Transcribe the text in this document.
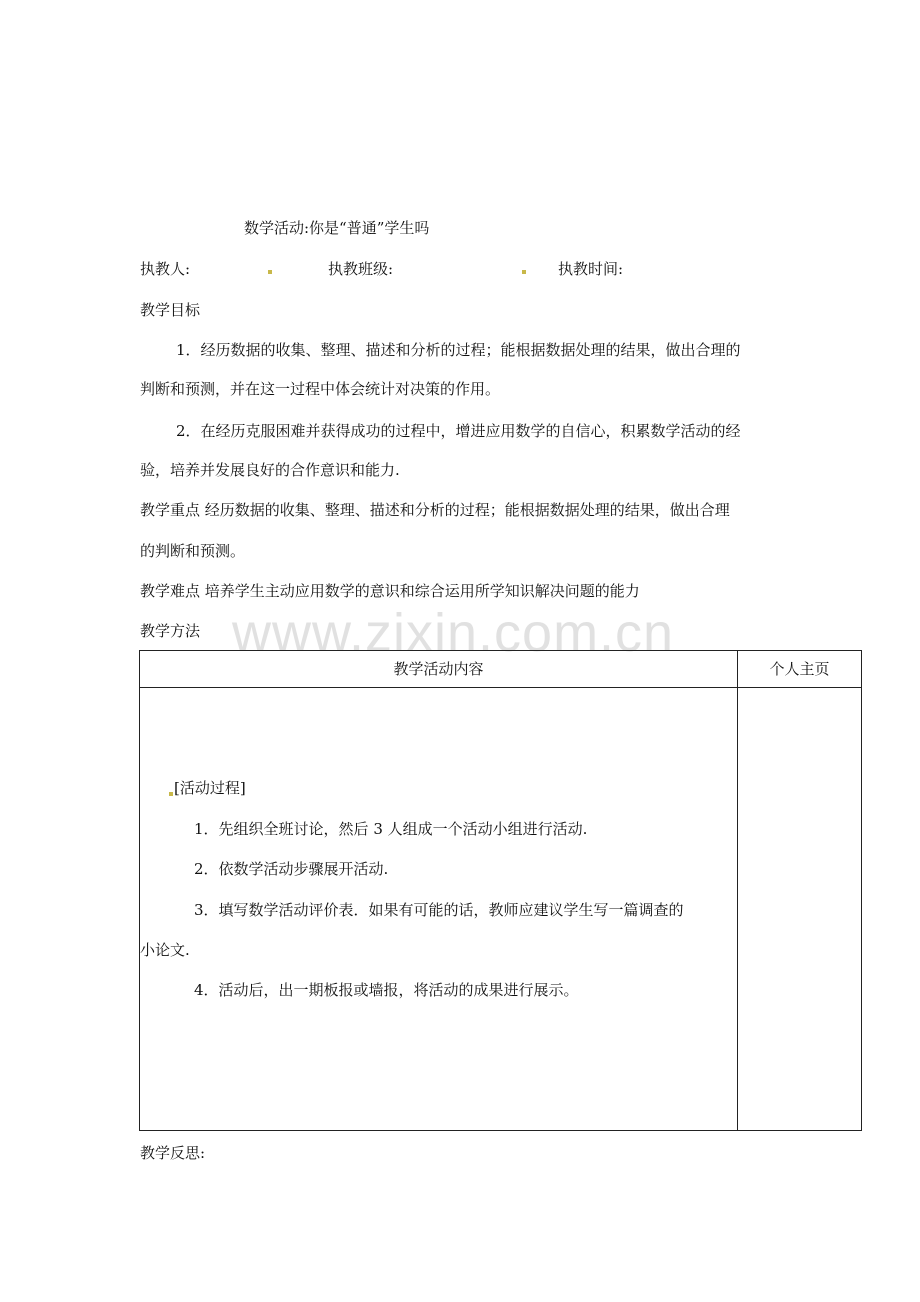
www.zixin.com.cn
数学活动:你是“普通”学生吗
执教人:	执教班级:	执教时间:
教学目标
1．经历数据的收集、整理、描述和分析的过程；能根据数据处理的结果，做出合理的
判断和预测，并在这一过程中体会统计对决策的作用。
2．在经历克服困难并获得成功的过程中，增进应用数学的自信心，积累数学活动的经
验，培养并发展良好的合作意识和能力.
教学重点 经历数据的收集、整理、描述和分析的过程；能根据数据处理的结果，做出合理
的判断和预测。
教学难点 培养学生主动应用数学的意识和综合运用所学知识解决问题的能力
教学方法
教学活动内容	个人主页
[活动过程]
1．先组织全班讨论，然后 3 人组成一个活动小组进行活动.
2．依数学活动步骤展开活动.
3．填写数学活动评价表．如果有可能的话，教师应建议学生写一篇调查的
小论文.
4．活动后，出一期板报或墙报，将活动的成果进行展示。
教学反思:
